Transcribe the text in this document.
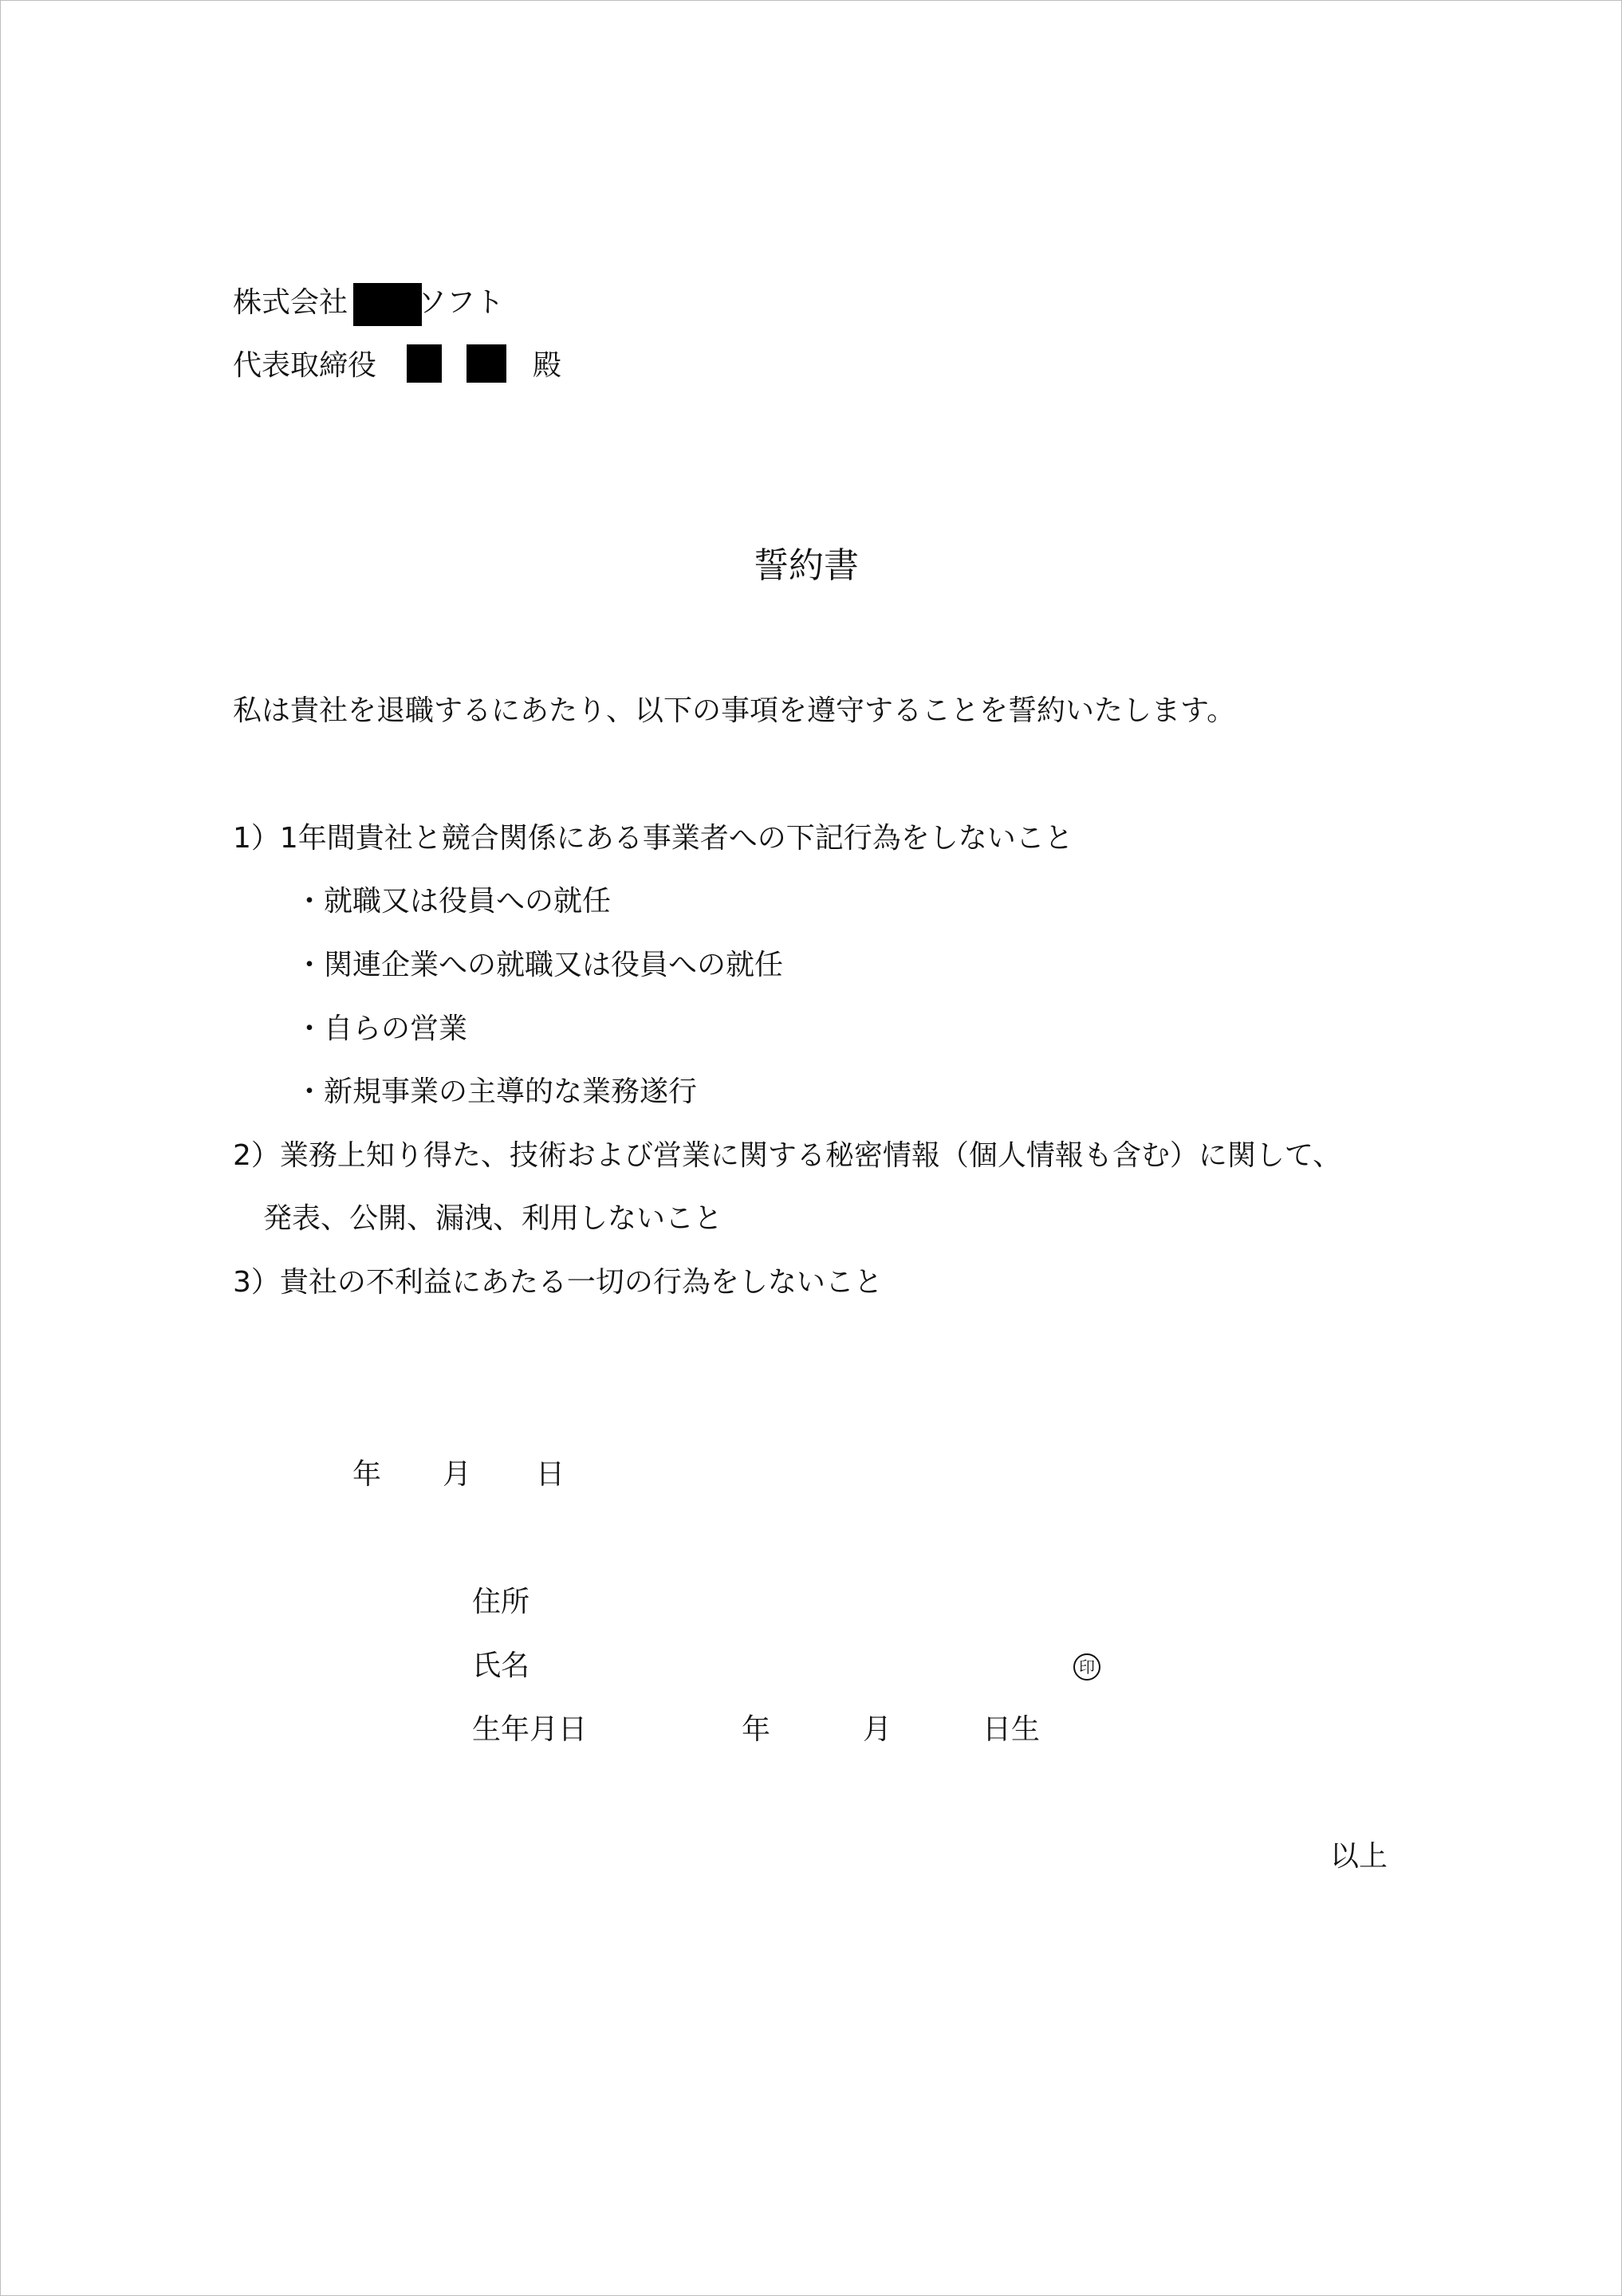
株式会社 ソフト
代表取締役	殿
誓約書
私は貴社を退職するにあたり、以下の事項を遵守することを誓約いたします。
1）1年間貴社と競合関係にある事業者への下記行為をしないこと
・就職又は役員への就任
・関連企業への就職又は役員への就任
・自らの営業
・新規事業の主導的な業務遂行
2）業務上知り得た、技術および営業に関する秘密情報（個人情報も含む）に関して、
発表、公開、漏洩、利用しないこと
3）貴社の不利益にあたる一切の行為をしないこと
年 月 日
住所
氏名	印
生年月日	年	月	日生
以上
